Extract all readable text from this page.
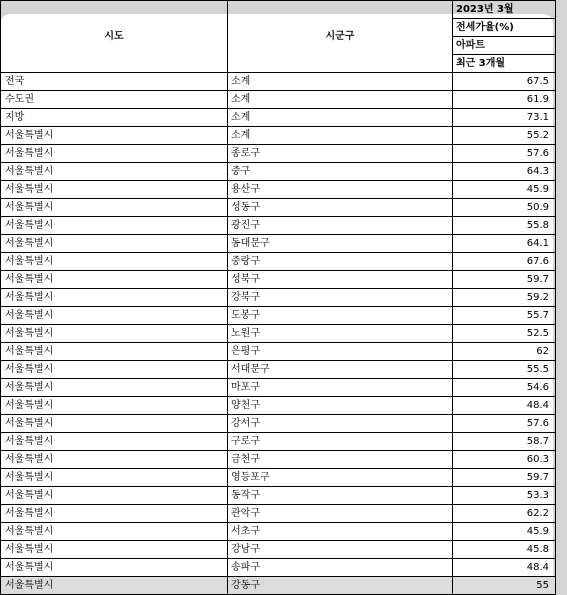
시도	시군구	2023년 3월
		전세가율(%)
		아파트
		최근 3개월
전국	소계	67.5
수도권	소계	61.9
지방	소계	73.1
서울특별시	소계	55.2
서울특별시	종로구	57.6
서울특별시	중구	64.3
서울특별시	용산구	45.9
서울특별시	성동구	50.9
서울특별시	광진구	55.8
서울특별시	동대문구	64.1
서울특별시	중랑구	67.6
서울특별시	성북구	59.7
서울특별시	강북구	59.2
서울특별시	도봉구	55.7
서울특별시	노원구	52.5
서울특별시	은평구	62
서울특별시	서대문구	55.5
서울특별시	마포구	54.6
서울특별시	양천구	48.4
서울특별시	강서구	57.6
서울특별시	구로구	58.7
서울특별시	금천구	60.3
서울특별시	영등포구	59.7
서울특별시	동작구	53.3
서울특별시	관악구	62.2
서울특별시	서초구	45.9
서울특별시	강남구	45.8
서울특별시	송파구	48.4
서울특별시	강동구	55
